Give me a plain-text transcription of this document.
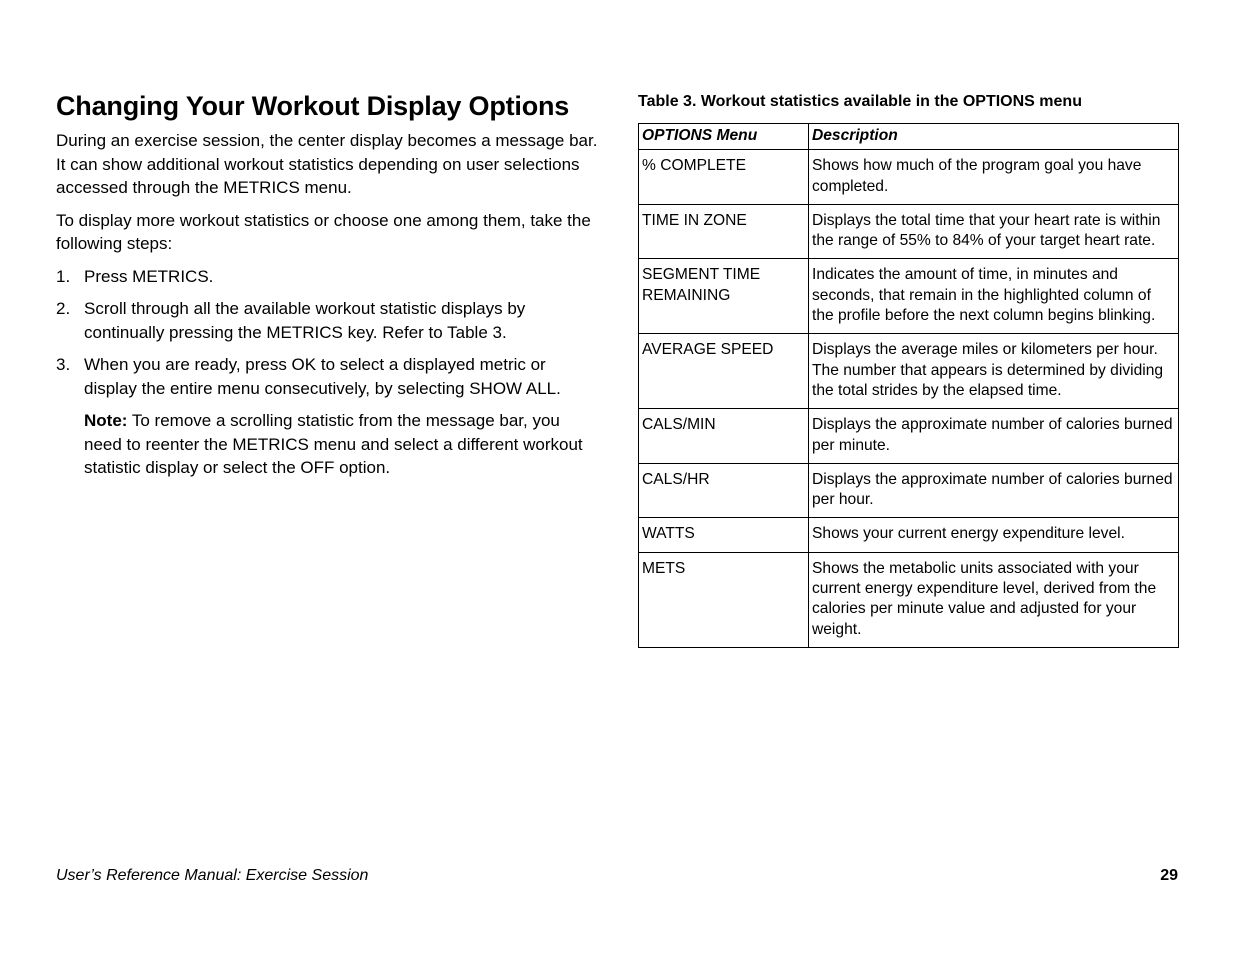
Changing Your Workout Display Options

During an exercise session, the center display becomes a message bar. It can show additional workout statistics depending on user selections accessed through the METRICS menu.

To display more workout statistics or choose one among them, take the following steps:

1. Press METRICS.
2. Scroll through all the available workout statistic displays by continually pressing the METRICS key. Refer to Table 3.
3. When you are ready, press OK to select a displayed metric or display the entire menu consecutively, by selecting SHOW ALL.

Note: To remove a scrolling statistic from the message bar, you need to reenter the METRICS menu and select a different workout statistic display or select the OFF option.

Table 3. Workout statistics available in the OPTIONS menu
OPTIONS Menu	Description
% COMPLETE	Shows how much of the program goal you have completed.
TIME IN ZONE	Displays the total time that your heart rate is within the range of 55% to 84% of your target heart rate.
SEGMENT TIME REMAINING	Indicates the amount of time, in minutes and seconds, that remain in the highlighted column of the profile before the next column begins blinking.
AVERAGE SPEED	Displays the average miles or kilometers per hour. The number that appears is determined by dividing the total strides by the elapsed time.
CALS/MIN	Displays the approximate number of calories burned per minute.
CALS/HR	Displays the approximate number of calories burned per hour.
WATTS	Shows your current energy expenditure level.
METS	Shows the metabolic units associated with your current energy expenditure level, derived from the calories per minute value and adjusted for your weight.
User’s Reference Manual: Exercise Session	29
